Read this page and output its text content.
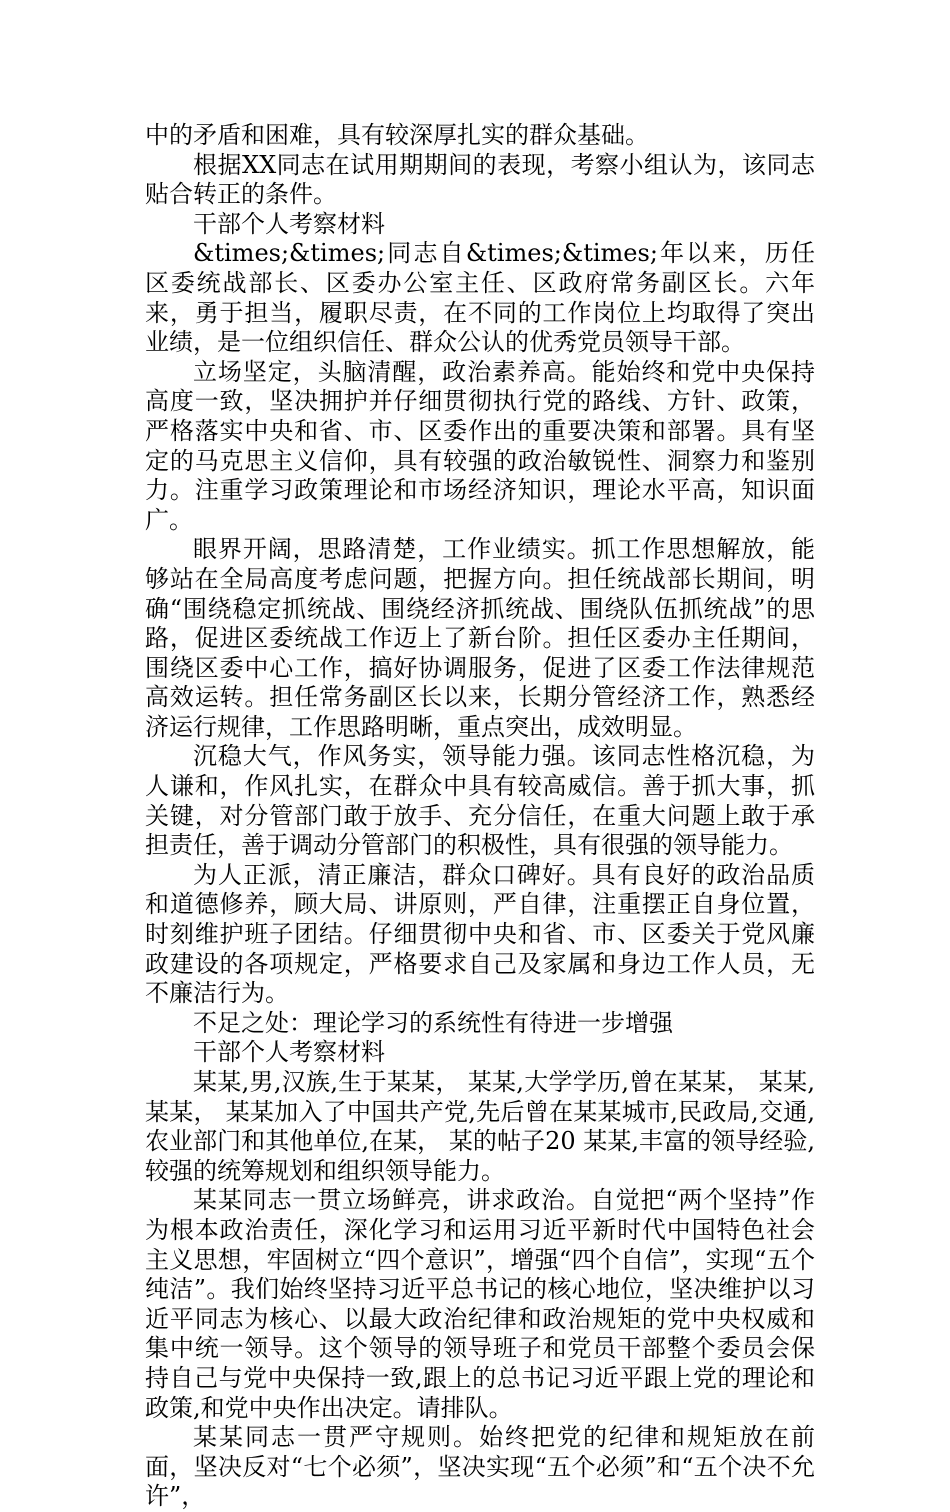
中的矛盾和困难，具有较深厚扎实的群众基础。

根据XX同志在试用期期间的表现，考察小组认为，该同志贴合转正的条件。

干部个人考察材料

&times;&times;同志自&times;&times;年以来，历任区委统战部长、区委办公室主任、区政府常务副区长。六年来，勇于担当，履职尽责，在不同的工作岗位上均取得了突出业绩，是一位组织信任、群众公认的优秀党员领导干部。

立场坚定，头脑清醒，政治素养高。能始终和党中央保持高度一致，坚决拥护并仔细贯彻执行党的路线、方针、政策，严格落实中央和省、市、区委作出的重要决策和部署。具有坚定的马克思主义信仰，具有较强的政治敏锐性、洞察力和鉴别力。注重学习政策理论和市场经济知识，理论水平高，知识面广。

眼界开阔，思路清楚，工作业绩实。抓工作思想解放，能够站在全局高度考虑问题，把握方向。担任统战部长期间，明确“围绕稳定抓统战、围绕经济抓统战、围绕队伍抓统战”的思路，促进区委统战工作迈上了新台阶。担任区委办主任期间，围绕区委中心工作，搞好协调服务，促进了区委工作法律规范高效运转。担任常务副区长以来，长期分管经济工作，熟悉经济运行规律，工作思路明晰，重点突出，成效明显。

沉稳大气，作风务实，领导能力强。该同志性格沉稳，为人谦和，作风扎实，在群众中具有较高威信。善于抓大事，抓关键，对分管部门敢于放手、充分信任，在重大问题上敢于承担责任，善于调动分管部门的积极性，具有很强的领导能力。

为人正派，清正廉洁，群众口碑好。具有良好的政治品质和道德修养，顾大局、讲原则，严自律，注重摆正自身位置，时刻维护班子团结。仔细贯彻中央和省、市、区委关于党风廉政建设的各项规定，严格要求自己及家属和身边工作人员，无不廉洁行为。

不足之处：理论学习的系统性有待进一步增强

干部个人考察材料

某某,男,汉族,生于某某， 某某,大学学历,曾在某某， 某某,某某， 某某加入了中国共产党,先后曾在某某城市,民政局,交通,农业部门和其他单位,在某， 某的帖子20 某某,丰富的领导经验,较强的统筹规划和组织领导能力。

某某同志一贯立场鲜亮，讲求政治。自觉把“两个坚持”作为根本政治责任，深化学习和运用习近平新时代中国特色社会主义思想，牢固树立“四个意识”，增强“四个自信”，实现“五个纯洁”。我们始终坚持习近平总书记的核心地位，坚决维护以习近平同志为核心、以最大政治纪律和政治规矩的党中央权威和集中统一领导。这个领导的领导班子和党员干部整个委员会保持自己与党中央保持一致,跟上的总书记习近平跟上党的理论和政策,和党中央作出决定。请排队。

某某同志一贯严守规则。始终把党的纪律和规矩放在前面，坚决反对“七个必须”，坚决实现“五个必须”和“五个决不允许”，
